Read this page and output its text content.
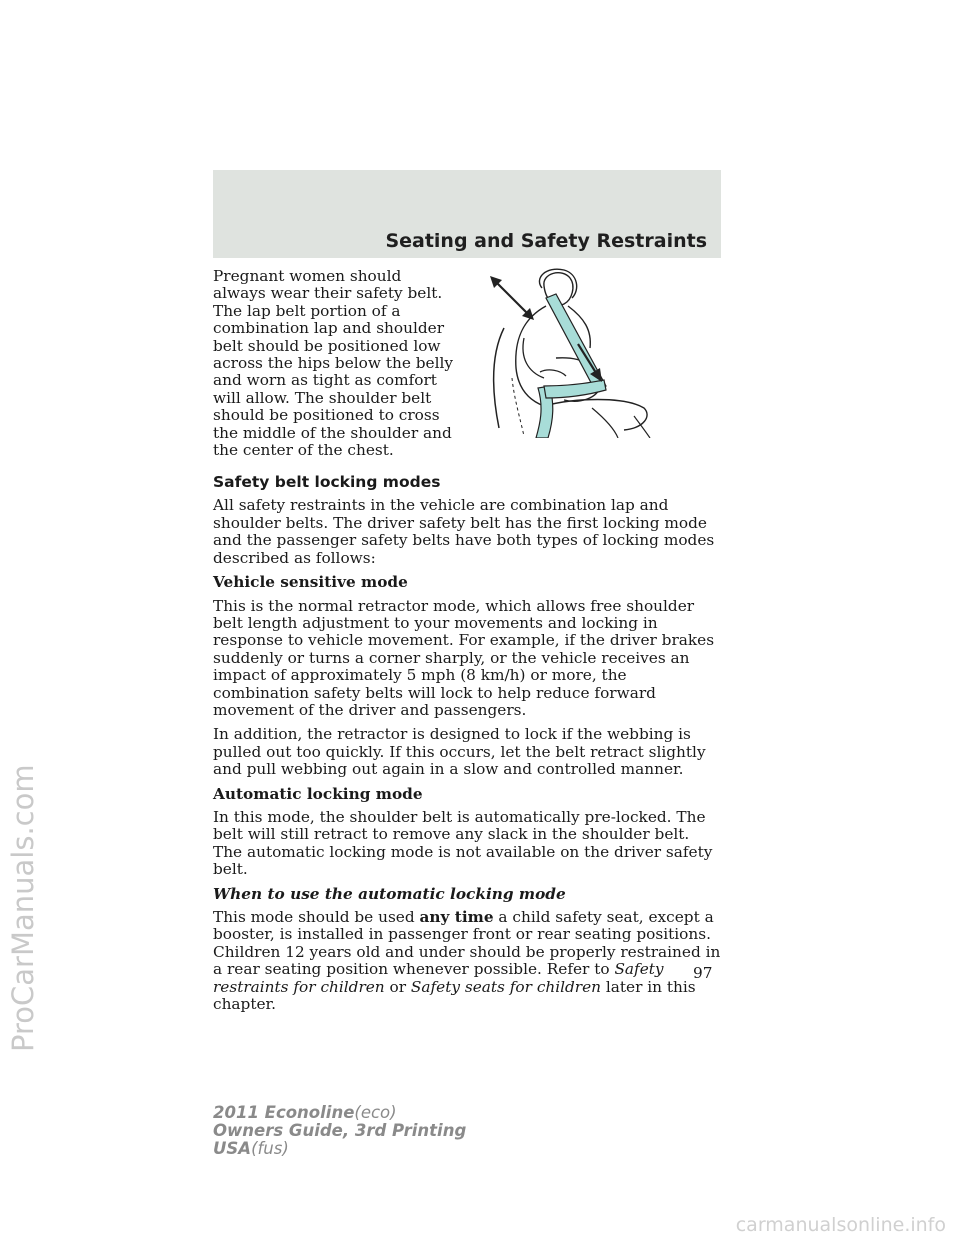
Seating and Safety Restraints
ProCarManuals.com

Pregnant women should always wear their safety belt. The lap belt portion of a combination lap and shoulder belt should be positioned low across the hips below the belly and worn as tight as comfort will allow. The shoulder belt should be positioned to cross the middle of the shoulder and the center of the chest.

Safety belt locking modes

All safety restraints in the vehicle are combination lap and shoulder belts. The driver safety belt has the first locking mode and the passenger safety belts have both types of locking modes described as follows:

Vehicle sensitive mode

This is the normal retractor mode, which allows free shoulder belt length adjustment to your movements and locking in response to vehicle movement. For example, if the driver brakes suddenly or turns a corner sharply, or the vehicle receives an impact of approximately 5 mph (8 km/h) or more, the combination safety belts will lock to help reduce forward movement of the driver and passengers.

In addition, the retractor is designed to lock if the webbing is pulled out too quickly. If this occurs, let the belt retract slightly and pull webbing out again in a slow and controlled manner.

Automatic locking mode

In this mode, the shoulder belt is automatically pre-locked. The belt will still retract to remove any slack in the shoulder belt. The automatic locking mode is not available on the driver safety belt.

When to use the automatic locking mode

This mode should be used any time a child safety seat, except a booster, is installed in passenger front or rear seating positions. Children 12 years old and under should be properly restrained in a rear seating position whenever possible. Refer to Safety restraints for children or Safety seats for children later in this chapter.

97
2011 Econoline(eco)
Owners Guide, 3rd Printing
USA(fus)
carmanualsonline.info
